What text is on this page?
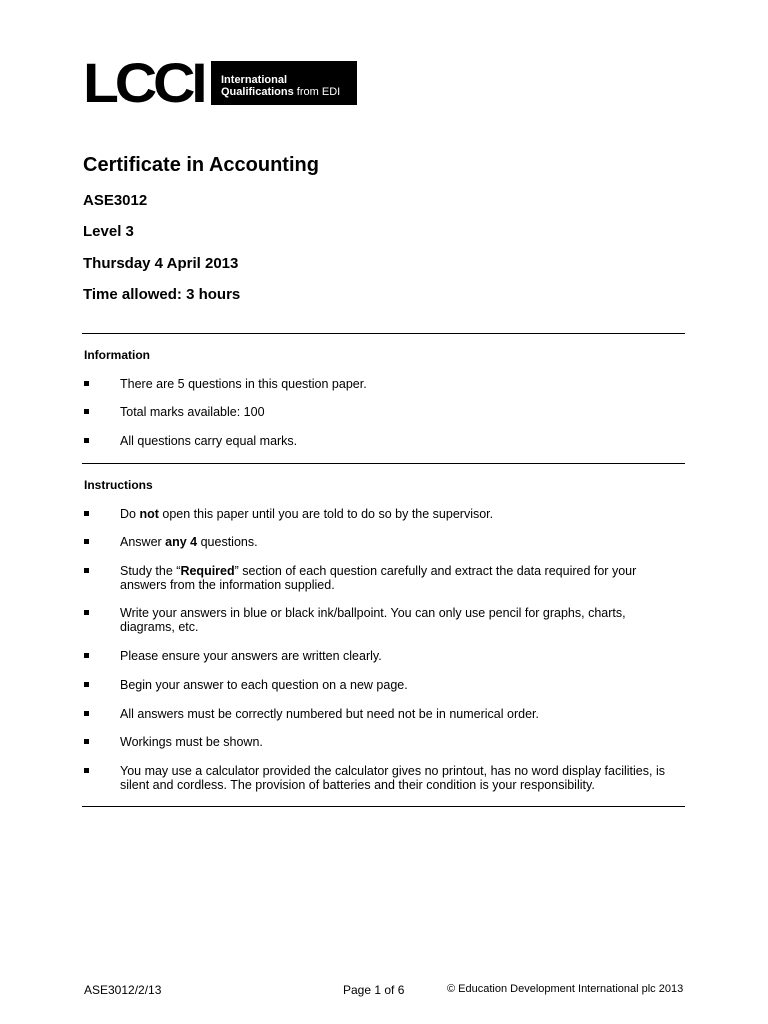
LCCI	International
Qualifications from EDI
Certificate in Accounting
ASE3012
Level 3
Thursday 4 April 2013
Time allowed: 3 hours
Information
There are 5 questions in this question paper.
Total marks available: 100
All questions carry equal marks.
Instructions
Do not open this paper until you are told to do so by the supervisor.
Answer any 4 questions.
Study the “Required” section of each question carefully and extract the data required for your answers from the information supplied.
Write your answers in blue or black ink/ballpoint. You can only use pencil for graphs, charts, diagrams, etc.
Please ensure your answers are written clearly.
Begin your answer to each question on a new page.
All answers must be correctly numbered but need not be in numerical order.
Workings must be shown.
You may use a calculator provided the calculator gives no printout, has no word display facilities, is silent and cordless. The provision of batteries and their condition is your responsibility.
ASE3012/2/13	Page 1 of 6	© Education Development International plc 2013
